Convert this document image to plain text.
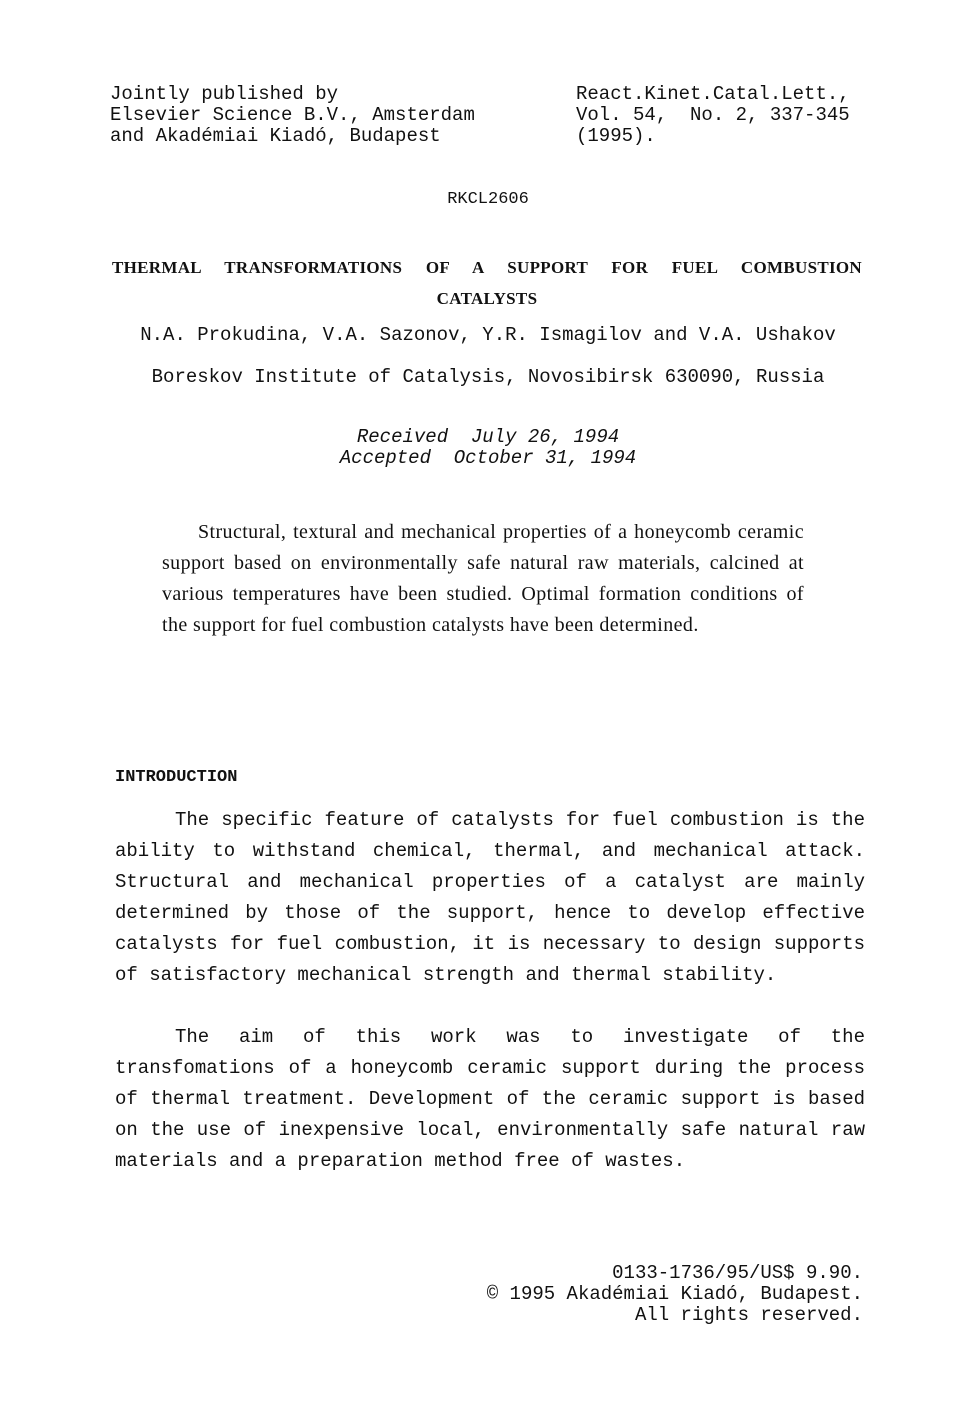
Jointly published by
Elsevier Science B.V., Amsterdam
and Akadémiai Kiadó, Budapest
React.Kinet.Catal.Lett.,
Vol. 54,  No. 2, 337-345
(1995).
RKCL2606
THERMAL TRANSFORMATIONS OF A SUPPORT FOR FUEL COMBUSTION CATALYSTS
N.A. Prokudina, V.A. Sazonov, Y.R. Ismagilov and V.A. Ushakov
Boreskov Institute of Catalysis, Novosibirsk 630090, Russia
Received  July 26, 1994
Accepted  October 31, 1994
Structural, textural and mechanical properties of a honeycomb ceramic support based on environmentally safe natural raw materials, calcined at various temperatures have been studied. Optimal formation conditions of the support for fuel combustion catalysts have been determined.
INTRODUCTION
The specific feature of catalysts for fuel combustion is the ability to withstand chemical, thermal, and mechanical attack. Structural and mechanical properties of a catalyst are mainly determined by those of the support, hence to develop effective catalysts for fuel combustion, it is necessary to design supports of satisfactory mechanical strength and thermal stability.
The aim of this work was to investigate of the transfomations of a honeycomb ceramic support during the process of thermal treatment. Development of the ceramic support is based on the use of inexpensive local, environmentally safe natural raw materials and a preparation method free of wastes.
0133-1736/95/US$ 9.90.
© 1995 Akadémiai Kiadó, Budapest.
All rights reserved.
